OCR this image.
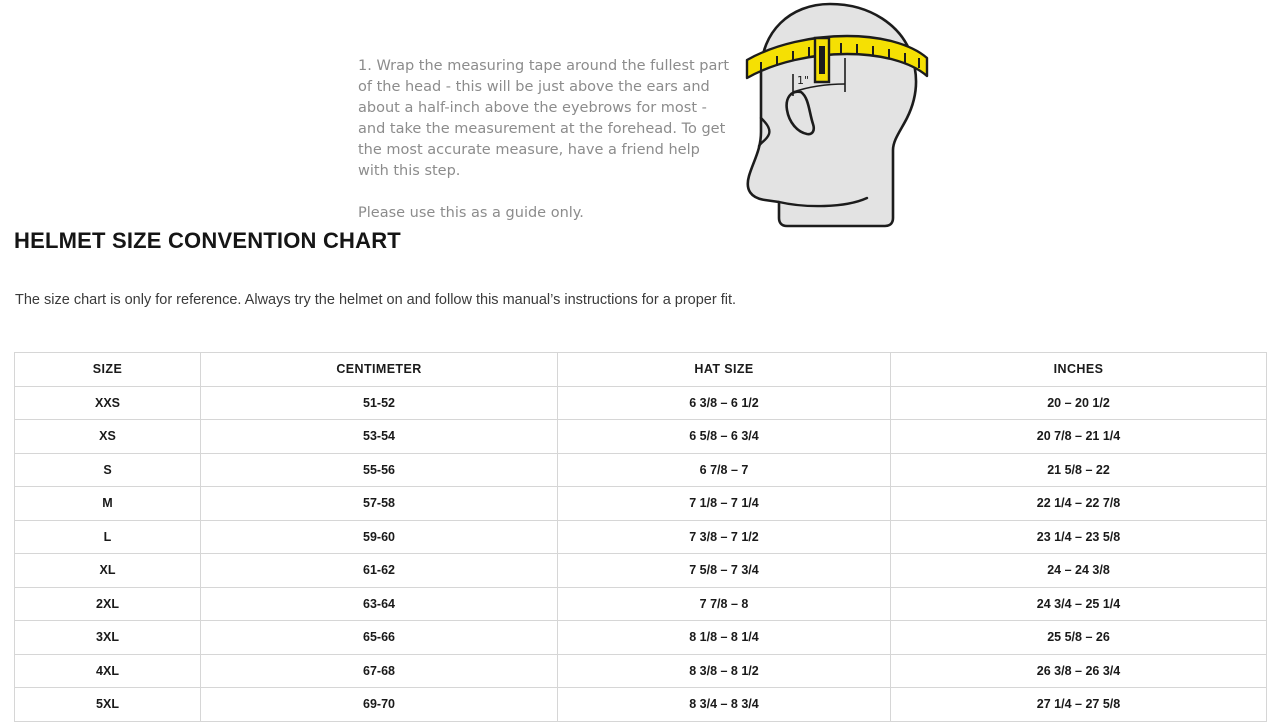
1. Wrap the measuring tape around the fullest part of the head - this will be just above the ears and about a half-inch above the eyebrows for most - and take the measurement at the forehead. To get the most accurate measure, have a friend help with this step.

Please use this as a guide only.

1"
HELMET SIZE CONVENTION CHART

The size chart is only for reference. Always try the helmet on and follow this manual’s instructions for a proper fit.

SIZE	CENTIMETER	HAT SIZE	INCHES
XXS	51-52	6 3/8 – 6 1/2	20 – 20 1/2
XS	53-54	6 5/8 – 6 3/4	20 7/8 – 21 1/4
S	55-56	6 7/8 – 7	21 5/8 – 22
M	57-58	7 1/8 – 7 1/4	22 1/4 – 22 7/8
L	59-60	7 3/8 – 7 1/2	23 1/4 – 23 5/8
XL	61-62	7 5/8 – 7 3/4	24 – 24 3/8
2XL	63-64	7 7/8 – 8	24 3/4 – 25 1/4
3XL	65-66	8 1/8 – 8 1/4	25 5/8 – 26
4XL	67-68	8 3/8 – 8 1/2	26 3/8 – 26 3/4
5XL	69-70	8 3/4 – 8 3/4	27 1/4 – 27 5/8
